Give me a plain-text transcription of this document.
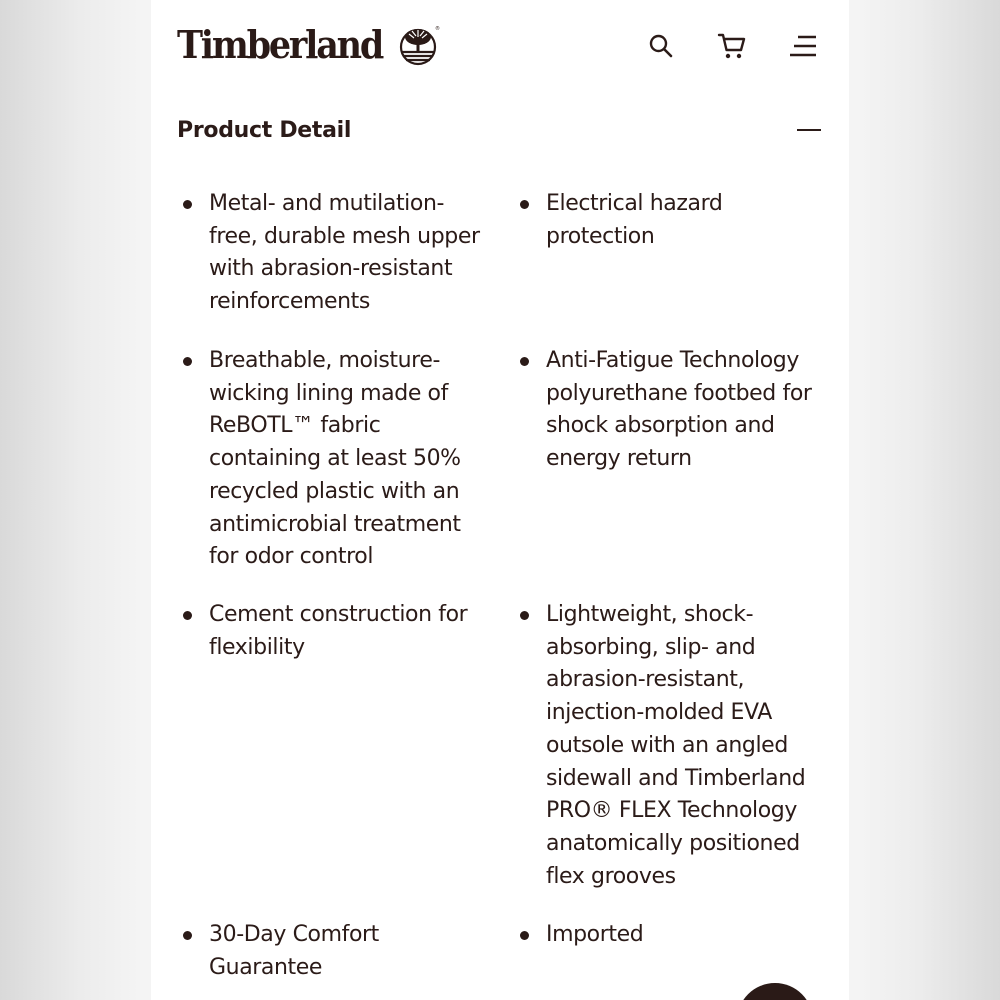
Timberland	®
Product Detail
Metal- and mutilation-
free, durable mesh upper
with abrasion-resistant
reinforcements
Electrical hazard
protection
Breathable, moisture-
wicking lining made of
ReBOTL™ fabric
containing at least 50%
recycled plastic with an
antimicrobial treatment
for odor control
Anti-Fatigue Technology
polyurethane footbed for
shock absorption and
energy return
Cement construction for
flexibility
Lightweight, shock-
absorbing, slip- and
abrasion-resistant,
injection-molded EVA
outsole with an angled
sidewall and Timberland
PRO® FLEX Technology
anatomically positioned
flex grooves
30-Day Comfort
Guarantee
Imported
